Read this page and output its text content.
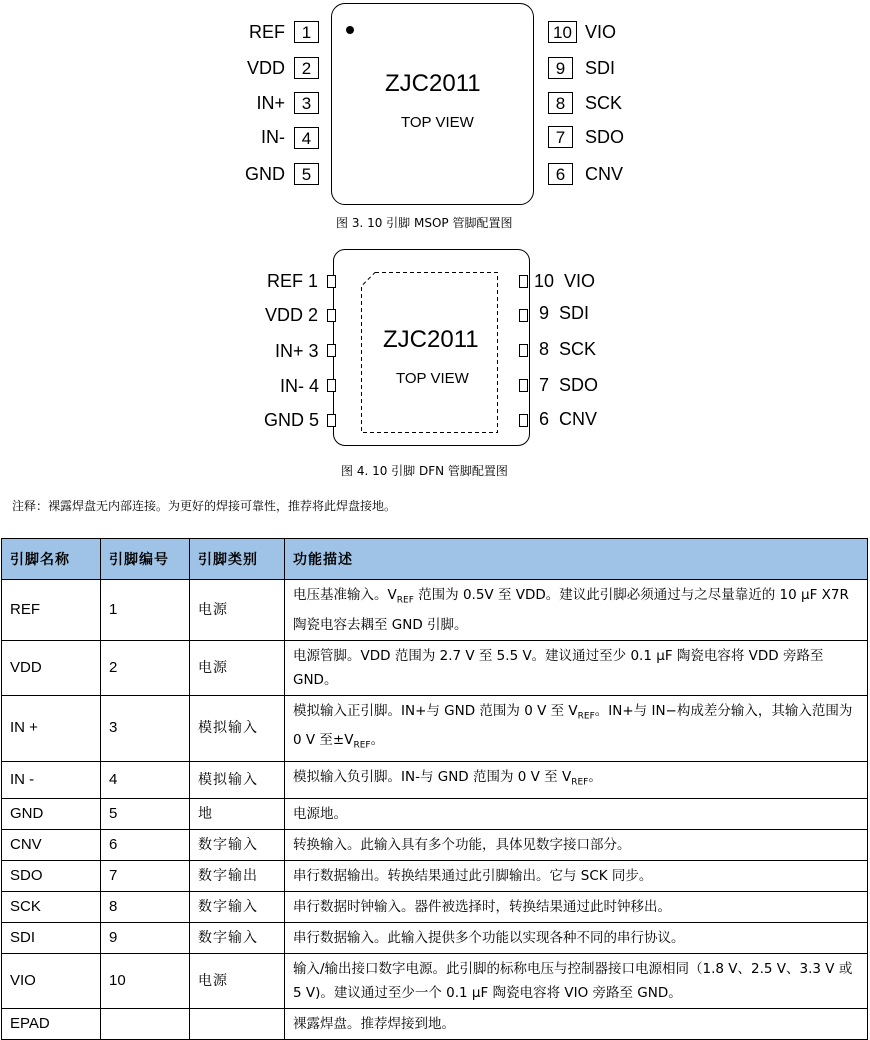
REF 1
VDD 2
IN+ 3
IN- 4
GND 5
ZJC2011
TOP VIEW
10 VIO
9	SDI
8	SCK
7	SDO
6	CNV
图 3. 10 引脚 MSOP 管脚配置图
ZJC2011
TOP VIEW
REF 1
VDD 2
IN+ 3
IN- 4
GND 5
10  VIO
9  SDI
8  SCK
7  SDO
6  CNV
图 4. 10 引脚 DFN 管脚配置图
注释：裸露焊盘无内部连接。为更好的焊接可靠性，推荐将此焊盘接地。
引脚名称	引脚编号	引脚类别	功能描述
REF	1	电源	电压基准输入。$V_{REF}$ 范围为 0.5V 至 VDD。建议此引脚必须通过与之尽量靠近的 10 μF X7R 陶瓷电容去耦至 GND 引脚。
VDD	2	电源	电源管脚。VDD 范围为 2.7 V 至 5.5 V。建议通过至少 0.1 μF 陶瓷电容将 VDD 旁路至 GND。
IN +	3	模拟输入	模拟输入正引脚。IN+与 GND 范围为 0 V 至 $V_{REF}$。IN+与 IN−构成差分输入，其输入范围为 0 V 至$\pm V_{REF}$。
IN -	4	模拟输入	模拟输入负引脚。IN-与 GND 范围为 0 V 至 $V_{REF}$。
GND	5	地	电源地。
CNV	6	数字输入	转换输入。此输入具有多个功能，具体见数字接口部分。
SDO	7	数字输出	串行数据输出。转换结果通过此引脚输出。它与 SCK 同步。
SCK	8	数字输入	串行数据时钟输入。器件被选择时，转换结果通过此时钟移出。
SDI	9	数字输入	串行数据输入。此输入提供多个功能以实现各种不同的串行协议。
VIO	10	电源	输入/输出接口数字电源。此引脚的标称电压与控制器接口电源相同（1.8 V、2.5 V、3.3 V 或 5 V)。建议通过至少一个 0.1 μF 陶瓷电容将 VIO 旁路至 GND。
EPAD			裸露焊盘。推荐焊接到地。
